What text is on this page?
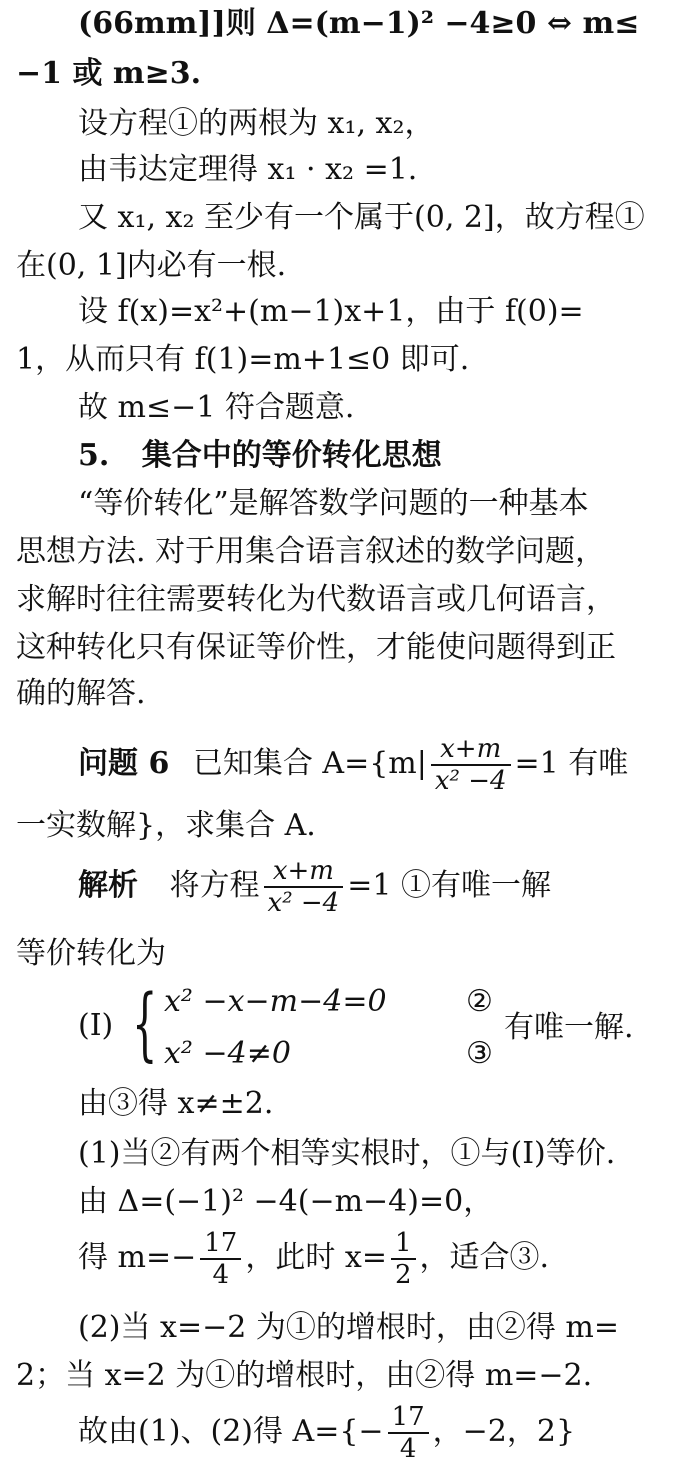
(66mm]]则 Δ=(m−1)² −4≥0 ⇔ m≤
−1 或 m≥3.
设方程①的两根为 x₁, x₂，
由韦达定理得 x₁ · x₂ =1.
又 x₁, x₂ 至少有一个属于(0, 2]，故方程①
在(0, 1]内必有一根.
设 f(x)=x²+(m−1)x+1，由于 f(0)=
1，从而只有 f(1)=m+1≤0 即可.
故 m≤−1 符合题意.
5. 集合中的等价转化思想
“等价转化”是解答数学问题的一种基本
思想方法. 对于用集合语言叙述的数学问题，
求解时往往需要转化为代数语言或几何语言，
这种转化只有保证等价性，才能使问题得到正
确的解答.
问题 6 已知集合 $A=\{m| \frac{x+m}{\text{x² −4}} =1$ 有唯
一实数解}，求集合 A.
解析 将方程 $\frac{x+m}{\text{x² −4}} =1$ ①有唯一解
等价转化为
(Ⅰ) { x² −x−m−4=0
x² −4≠0
②
③
有唯一解.
由③得 x≠±2.
(1)当②有两个相等实根时，①与(Ⅰ)等价.
由 Δ=(−1)² −4(−m−4)=0，
得 $m=- \frac{17}{4}$ ，此时 $x= \frac{1}{2}$ ，适合③.
(2)当 x=−2 为①的增根时，由②得 m=
2；当 x=2 为①的增根时，由②得 m=−2.
故由(1)、(2)得 $A=\{- \frac{17}{4}$ ，−2，2}
